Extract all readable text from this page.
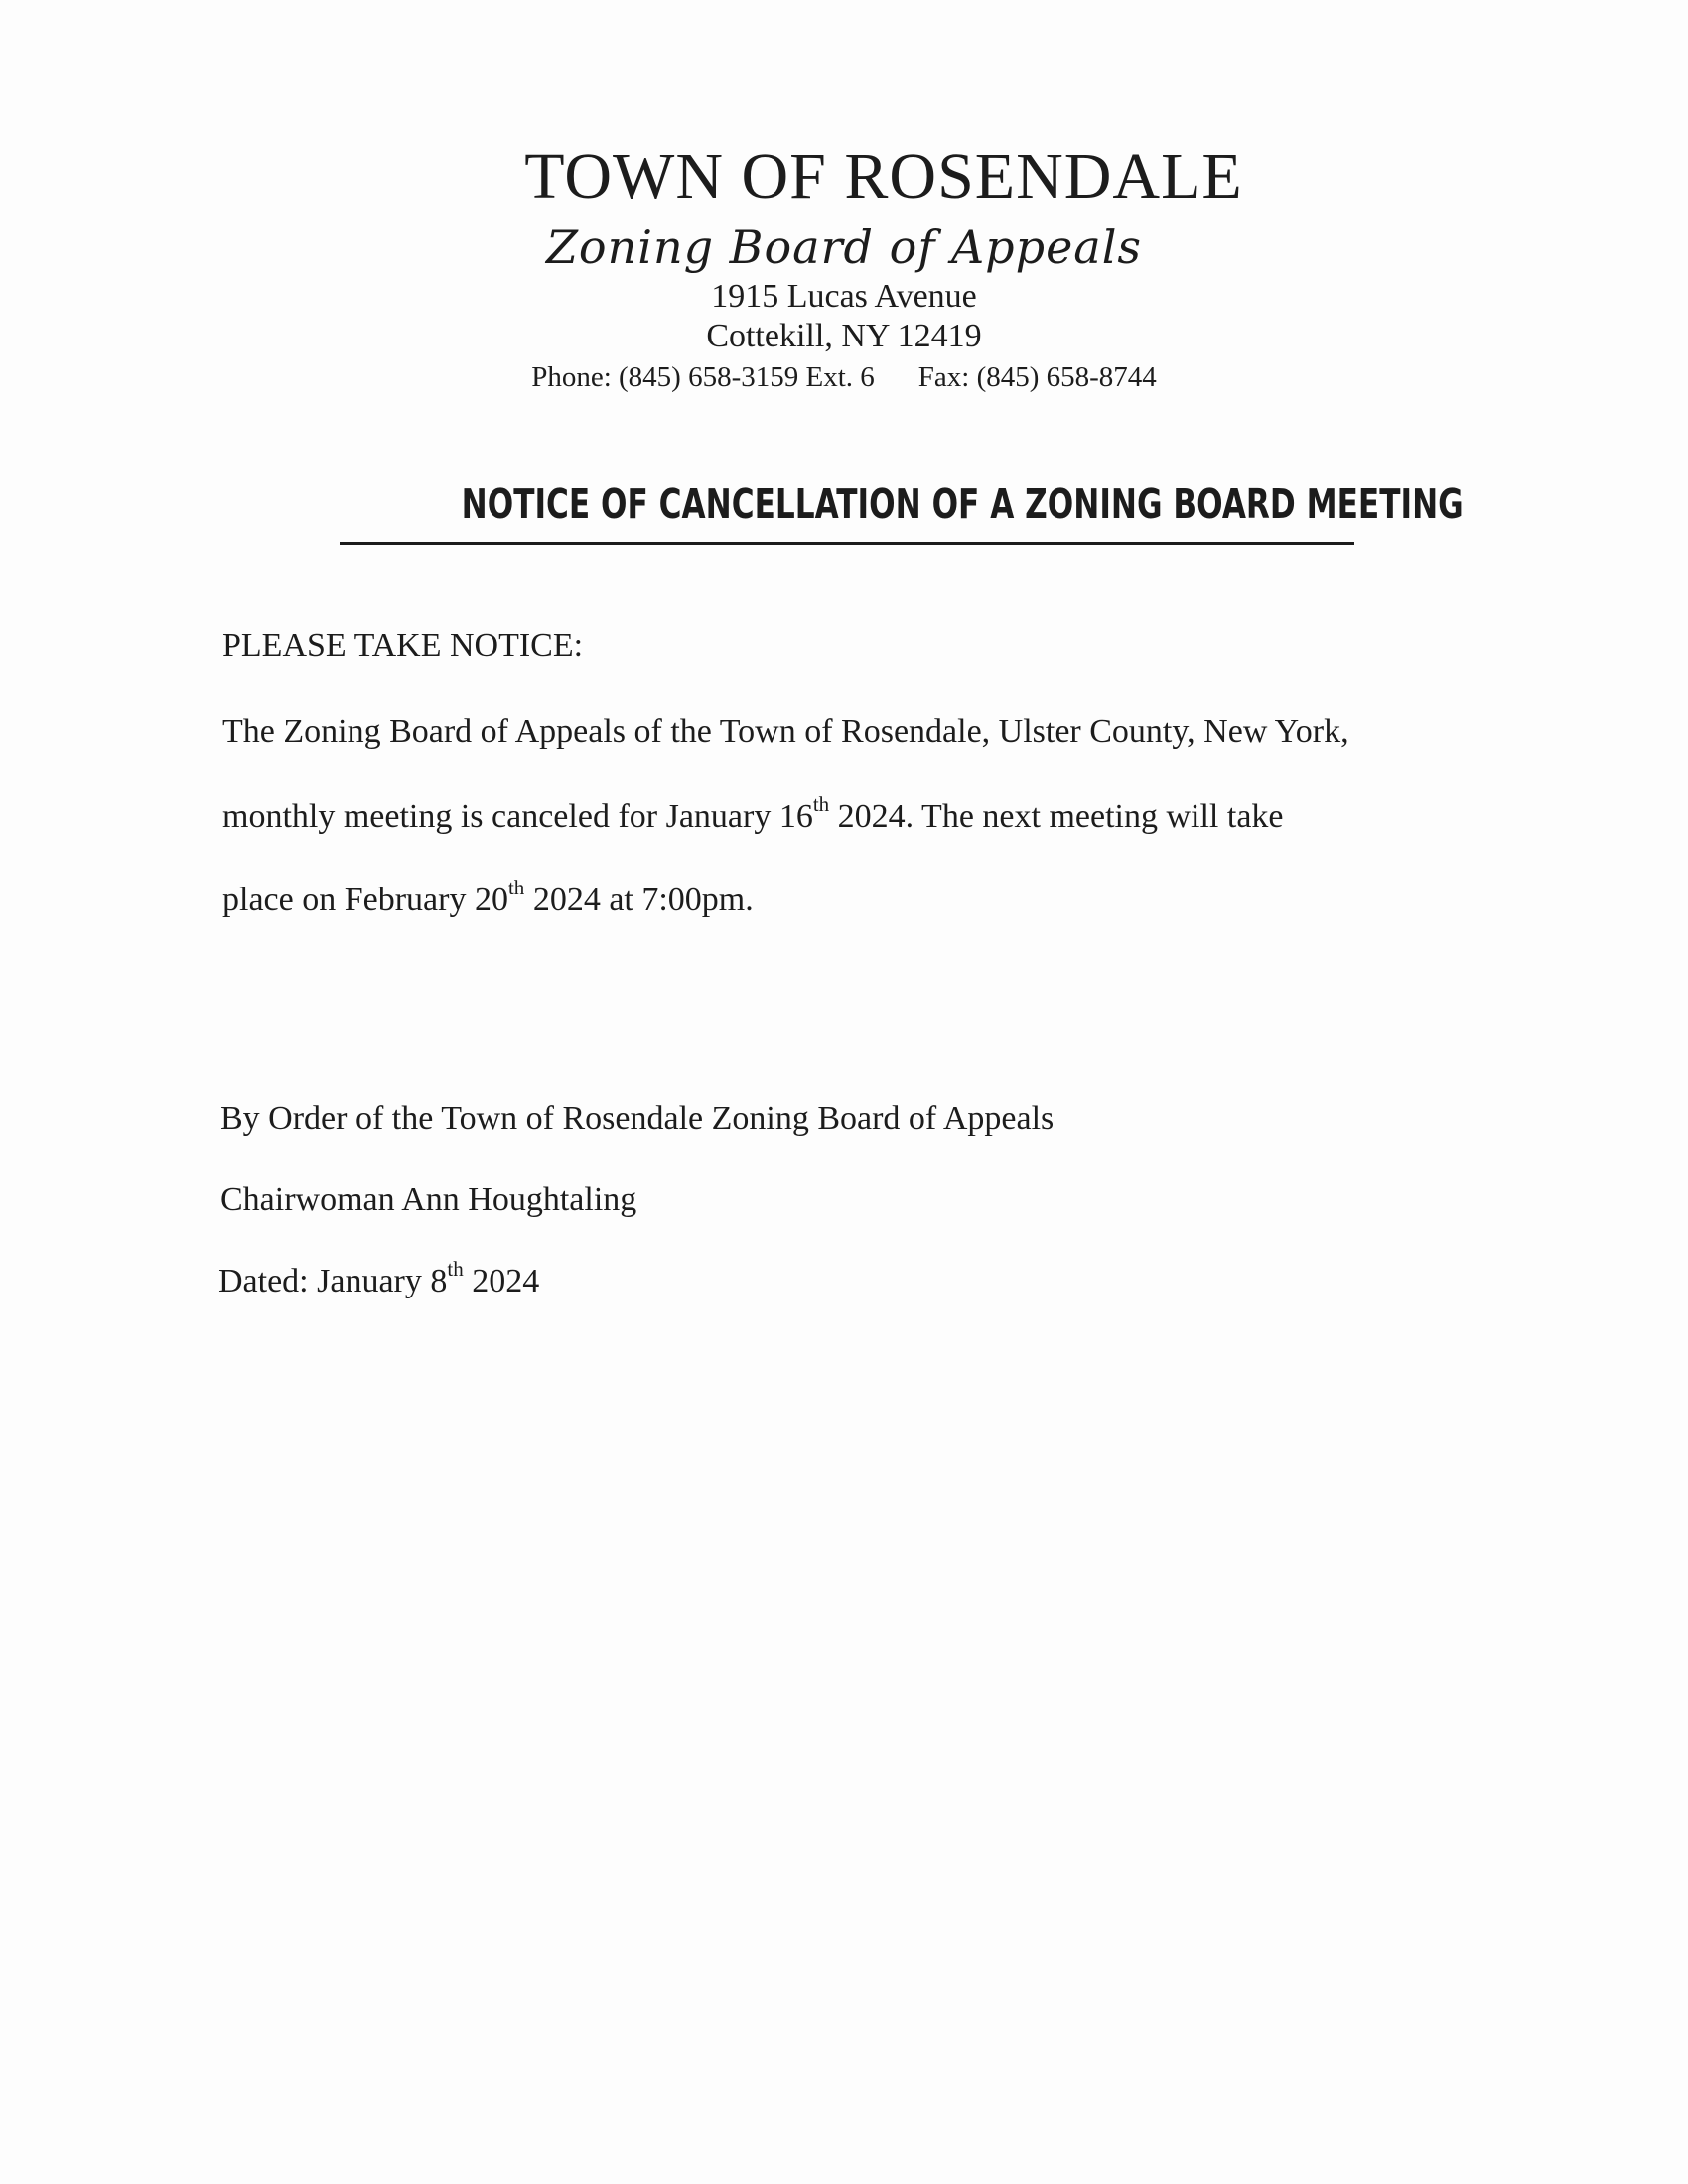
TOWN OF ROSENDALE
Zoning Board of Appeals
1915 Lucas Avenue
Cottekill, NY 12419
Phone: (845) 658-3159 Ext. 6 Fax: (845) 658-8744
NOTICE OF CANCELLATION OF A ZONING BOARD MEETING
PLEASE TAKE NOTICE:
The Zoning Board of Appeals of the Town of Rosendale, Ulster County, New York,
monthly meeting is canceled for January 16th 2024. The next meeting will take
place on February 20th 2024 at 7:00pm.
By Order of the Town of Rosendale Zoning Board of Appeals
Chairwoman Ann Houghtaling
Dated: January 8th 2024
